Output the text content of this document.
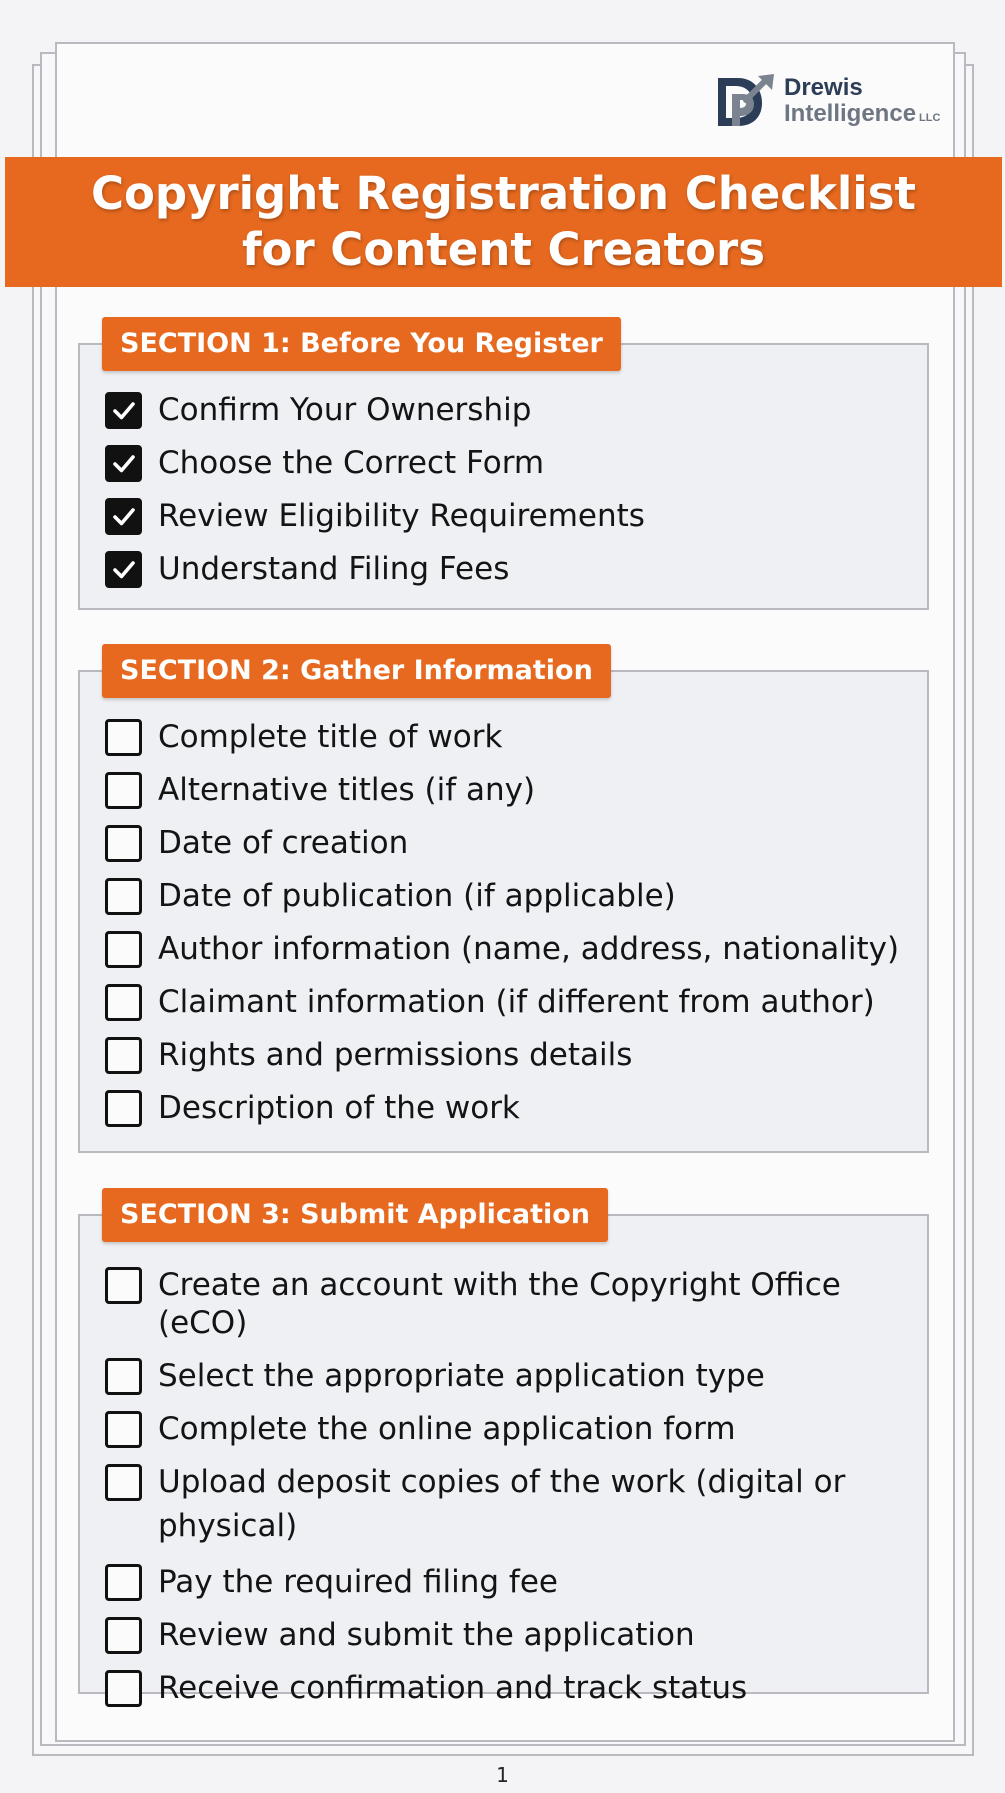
Drewis
Intelligence LLC
Copyright Registration Checklist
for Content Creators
SECTION 1: Before You Register
Confirm Your Ownership
Choose the Correct Form
Review Eligibility Requirements
Understand Filing Fees
SECTION 2: Gather Information
Complete title of work
Alternative titles (if any)
Date of creation
Date of publication (if applicable)
Author information (name, address, nationality)
Claimant information (if different from author)
Rights and permissions details
Description of the work
SECTION 3: Submit Application
Create an account with the Copyright Office (eCO)
Select the appropriate application type
Complete the online application form
Upload deposit copies of the work (digital or physical)
Pay the required filing fee
Review and submit the application
Receive confirmation and track status
1
